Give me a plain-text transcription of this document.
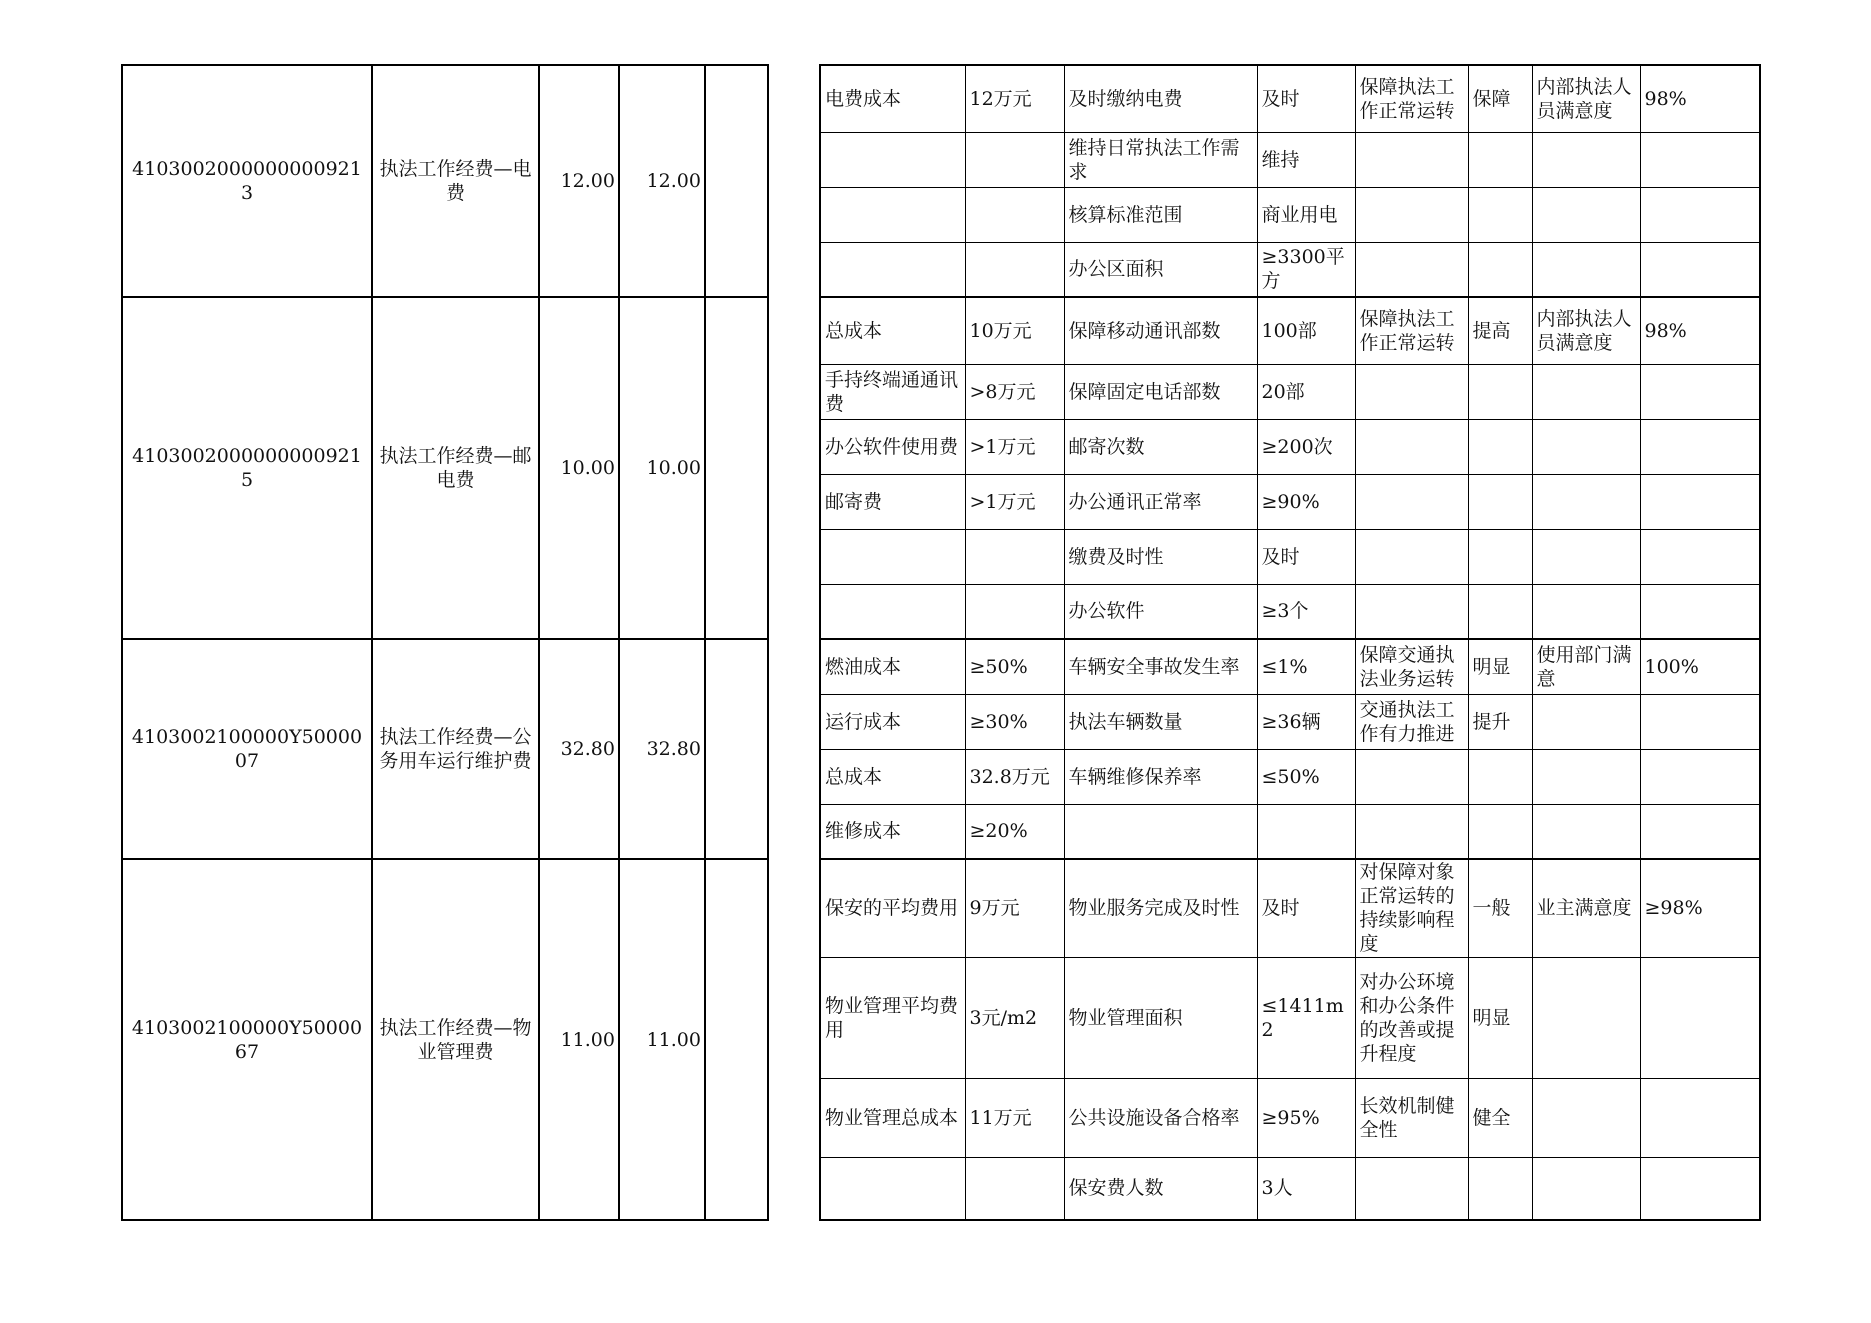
41030020000000009213	执法工作经费—电费	12.00	12.00			电费成本	12万元	及时缴纳电费	及时	保障执法工作正常运转	保障	内部执法人员满意度	98%
								维持日常执法工作需求	维持				
								核算标准范围	商业用电				
								办公区面积	≥3300平方				
41030020000000009215	执法工作经费—邮电费	10.00	10.00			总成本	10万元	保障移动通讯部数	100部	保障执法工作正常运转	提高	内部执法人员满意度	98%
						手持终端通通讯费	>8万元	保障固定电话部数	20部				
						办公软件使用费	>1万元	邮寄次数	≥200次				
						邮寄费	>1万元	办公通讯正常率	≥90%				
								缴费及时性	及时				
								办公软件	≥3个				
4103002100000Y5000007	执法工作经费—公务用车运行维护费	32.80	32.80			燃油成本	≥50%	车辆安全事故发生率	≤1%	保障交通执法业务运转	明显	使用部门满意	100%
						运行成本	≥30%	执法车辆数量	≥36辆	交通执法工作有力推进	提升		
						总成本	32.8万元	车辆维修保养率	≤50%				
						维修成本	≥20%						
4103002100000Y5000067	执法工作经费—物业管理费	11.00	11.00			保安的平均费用	9万元	物业服务完成及时性	及时	对保障对象正常运转的持续影响程度	一般	业主满意度	≥98%
						物业管理平均费用	3元/m2	物业管理面积	≤1411m2	对办公环境和办公条件的改善或提升程度	明显		
						物业管理总成本	11万元	公共设施设备合格率	≥95%	长效机制健全性	健全		
								保安费人数	3人				
